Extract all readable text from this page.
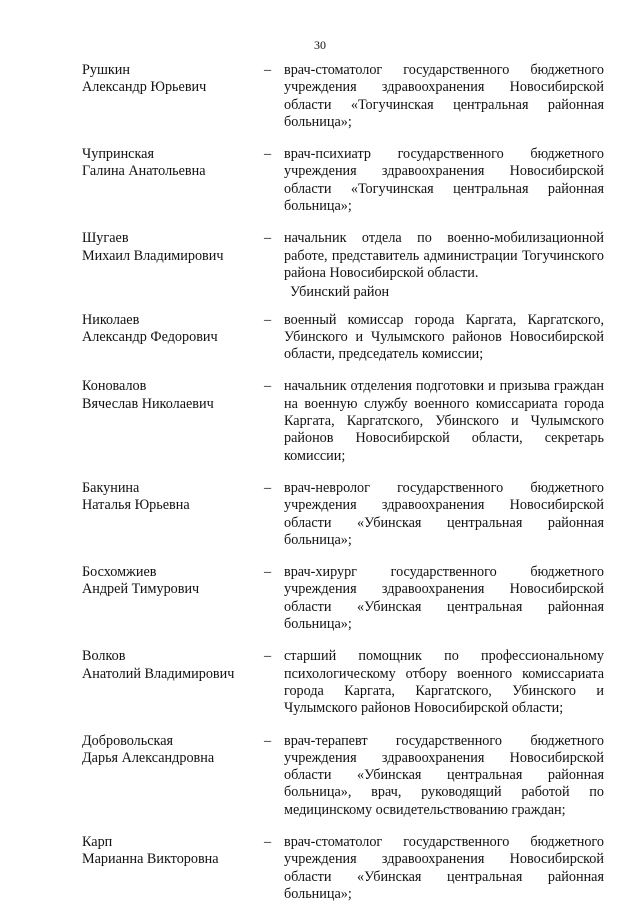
30
Рушкин
Александр Юрьевич
– врач-стоматолог государственного бюджетного учреждения здравоохранения Новосибирской области «Тогучинская центральная районная больница»;
Чупринская
Галина Анатольевна
– врач-психиатр государственного бюджетного учреждения здравоохранения Новосибирской области «Тогучинская центральная районная больница»;
Шугаев
Михаил Владимирович
– начальник отдела по военно-мобилизационной работе, представитель администрации Тогучинского района Новосибирской области.
Убинский район
Николаев
Александр Федорович
– военный комиссар города Каргата, Каргатского, Убинского и Чулымского районов Новосибирской области, председатель комиссии;
Коновалов
Вячеслав Николаевич
– начальник отделения подготовки и призыва граждан на военную службу военного комиссариата города Каргата, Каргатского, Убинского и Чулымского районов Новосибирской области, секретарь комиссии;
Бакунина
Наталья Юрьевна
– врач-невролог государственного бюджетного учреждения здравоохранения Новосибирской области «Убинская центральная районная больница»;
Босхомжиев
Андрей Тимурович
– врач-хирург государственного бюджетного учреждения здравоохранения Новосибирской области «Убинская центральная районная больница»;
Волков
Анатолий Владимирович
– старший помощник по профессиональному психологическому отбору военного комиссариата города Каргата, Каргатского, Убинского и Чулымского районов Новосибирской области;
Добровольская
Дарья Александровна
– врач-терапевт государственного бюджетного учреждения здравоохранения Новосибирской области «Убинская центральная районная больница», врач, руководящий работой по медицинскому освидетельствованию граждан;
Карп
Марианна Викторовна
– врач-стоматолог государственного бюджетного учреждения здравоохранения Новосибирской области «Убинская центральная районная больница»;
